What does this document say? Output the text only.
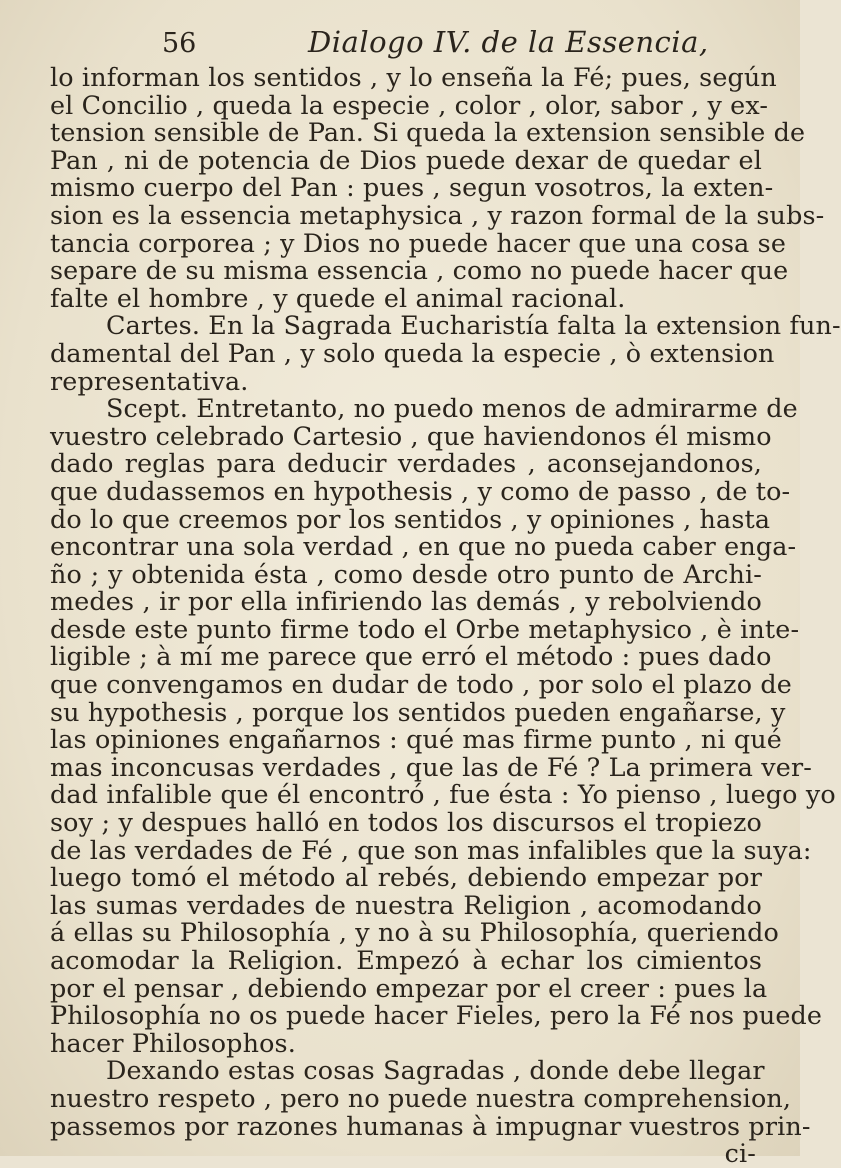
56	Dialogo IV. de la Essencia,
lo informan los sentidos , y lo enseña la Fé; pues, según
el Concilio , queda la especie , color , olor, sabor , y ex-
tension sensible de Pan. Si queda la extension sensible de
Pan , ni de potencia de Dios puede dexar de quedar el
mismo cuerpo del Pan : pues , segun vosotros, la exten-
sion es la essencia metaphysica , y razon formal de la subs-
tancia corporea ; y Dios no puede hacer que una cosa se
separe de su misma essencia , como no puede hacer que
falte el hombre , y quede el animal racional.
Cartes. En la Sagrada Eucharistía falta la extension fun-
damental del Pan , y solo queda la especie , ò extension
representativa.
Scept. Entretanto, no puedo menos de admirarme de
vuestro celebrado Cartesio , que haviendonos él mismo
dado reglas para deducir verdades , aconsejandonos,
que dudassemos en hypothesis , y como de passo , de to-
do lo que creemos por los sentidos , y opiniones , hasta
encontrar una sola verdad , en que no pueda caber enga-
ño ; y obtenida ésta , como desde otro punto de Archi-
medes , ir por ella infiriendo las demás , y rebolviendo
desde este punto firme todo el Orbe metaphysico , è inte-
ligible ; à mí me parece que erró el método : pues dado
que convengamos en dudar de todo , por solo el plazo de
su hypothesis , porque los sentidos pueden engañarse, y
las opiniones engañarnos : qué mas firme punto , ni qué
mas inconcusas verdades , que las de Fé ? La primera ver-
dad infalible que él encontró , fue ésta : Yo pienso , luego yo
soy ; y despues halló en todos los discursos el tropiezo
de las verdades de Fé , que son mas infalibles que la suya:
luego tomó el método al rebés, debiendo empezar por
las sumas verdades de nuestra Religion , acomodando
á ellas su Philosophía , y no à su Philosophía, queriendo
acomodar la Religion. Empezó à echar los cimientos
por el pensar , debiendo empezar por el creer : pues la
Philosophía no os puede hacer Fieles, pero la Fé nos puede
hacer Philosophos.
Dexando estas cosas Sagradas , donde debe llegar
nuestro respeto , pero no puede nuestra comprehension,
passemos por razones humanas à impugnar vuestros prin-
ci-
